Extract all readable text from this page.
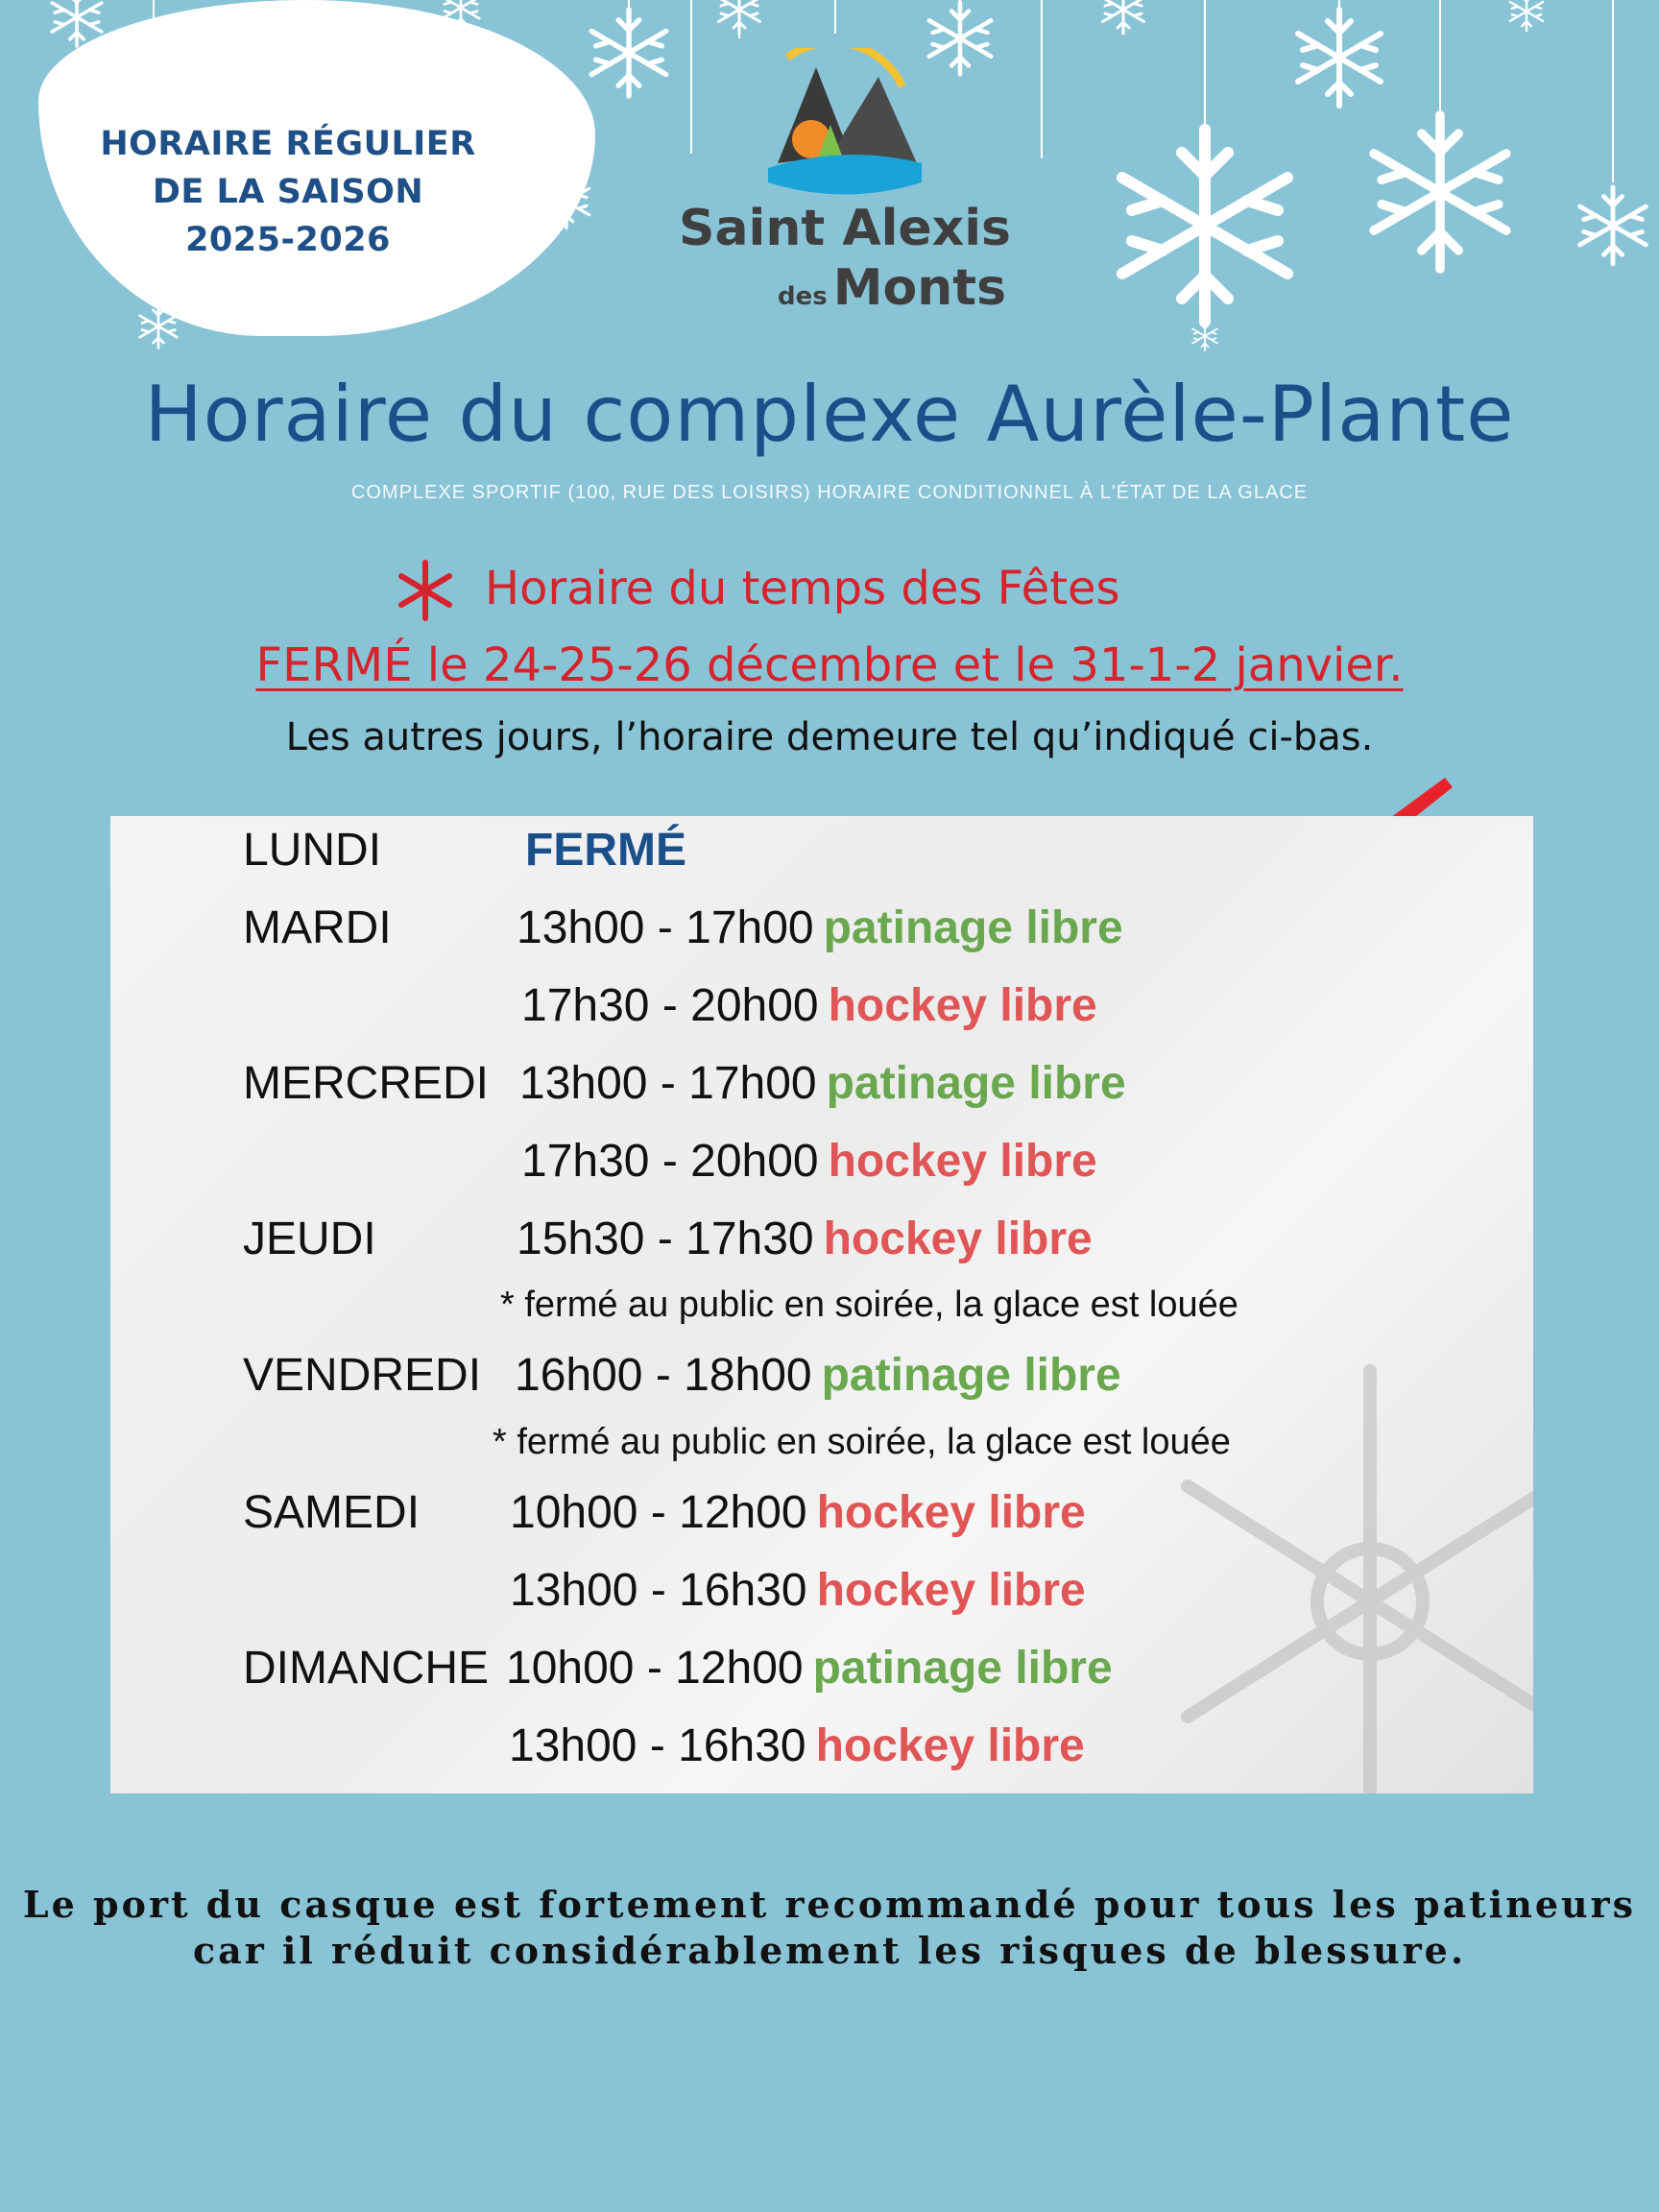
HORAIRE RÉGULIER
DE LA SAISON
2025-2026	Saint Alexis
des Monts
Horaire du complexe Aurèle-Plante
COMPLEXE SPORTIF (100, RUE DES LOISIRS) HORAIRE CONDITIONNEL À L'ÉTAT DE LA GLACE
Horaire du temps des Fêtes
FERMÉ le 24-25-26 décembre et le 31-1-2 janvier.
Les autres jours, l’horaire demeure tel qu’indiqué ci-bas.
LUNDI	FERMÉ
MARDI	13h00 - 17h00 patinage libre
17h30 - 20h00 hockey libre
MERCREDI 13h00 - 17h00 patinage libre
17h30 - 20h00 hockey libre
JEUDI	15h30 - 17h30 hockey libre
* fermé au public en soirée, la glace est louée
VENDREDI 16h00 - 18h00 patinage libre
* fermé au public en soirée, la glace est louée
SAMEDI 10h00 - 12h00 hockey libre
13h00 - 16h30 hockey libre
DIMANCHE 10h00 - 12h00 patinage libre
13h00 - 16h30 hockey libre
Le port du casque est fortement recommandé pour tous les patineurs
car il réduit considérablement les risques de blessure.
